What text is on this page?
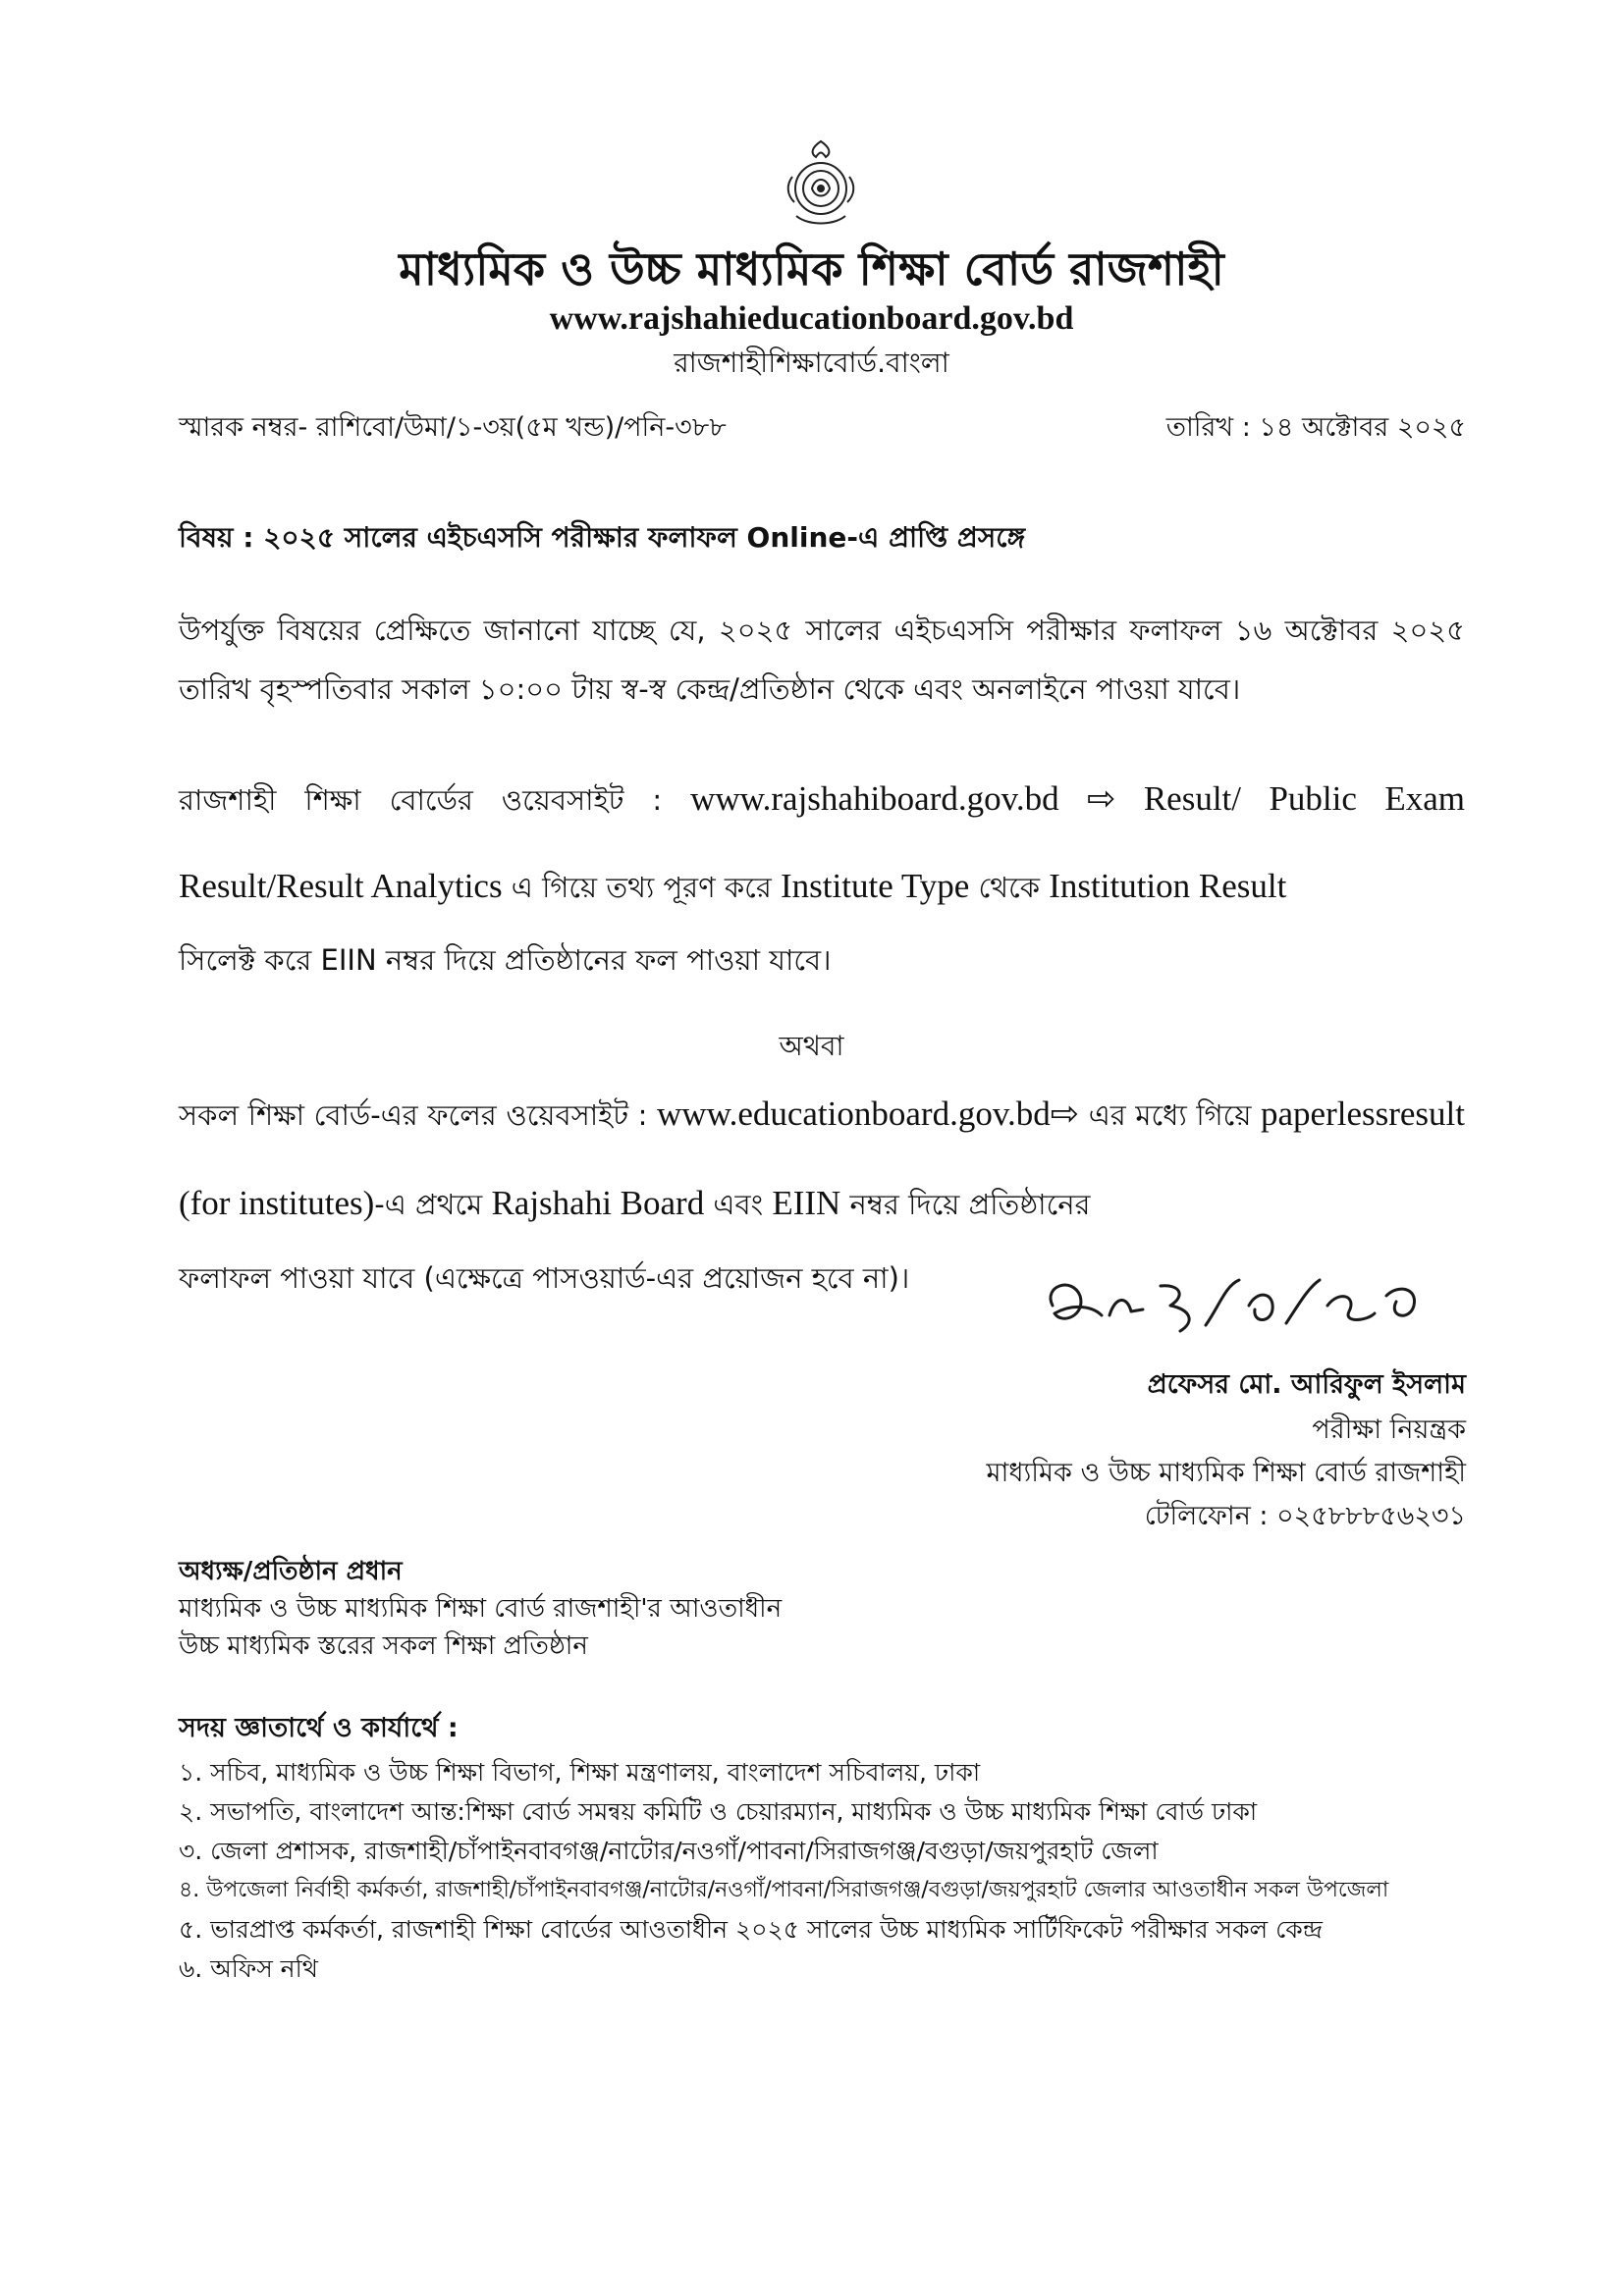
মাধ্যমিক ও উচ্চ মাধ্যমিক শিক্ষা বোর্ড রাজশাহী
www.rajshahieducationboard.gov.bd
রাজশাহীশিক্ষাবোর্ড.বাংলা
স্মারক নম্বর- রাশিবো/উমা/১-৩য়(৫ম খন্ড)/পনি-৩৮৮	তারিখ : ১৪ অক্টোবর ২০২৫
বিষয় : ২০২৫ সালের এইচএসসি পরীক্ষার ফলাফল Online-এ প্রাপ্তি প্রসঙ্গে
উপর্যুক্ত বিষয়ের প্রেক্ষিতে জানানো যাচ্ছে যে, ২০২৫ সালের এইচএসসি পরীক্ষার ফলাফল ১৬ অক্টোবর ২০২৫ তারিখ বৃহস্পতিবার সকাল ১০:০০ টায় স্ব-স্ব কেন্দ্র/প্রতিষ্ঠান থেকে এবং অনলাইনে পাওয়া যাবে।
রাজশাহী শিক্ষা বোর্ডের ওয়েবসাইট : www.rajshahiboard.gov.bd ⇨ Result/ Public Exam Result/Result Analytics এ গিয়ে তথ্য পূরণ করে Institute Type থেকে Institution Result
সিলেক্ট করে EIIN নম্বর দিয়ে প্রতিষ্ঠানের ফল পাওয়া যাবে।
অথবা
সকল শিক্ষা বোর্ড-এর ফলের ওয়েবসাইট : www.educationboard.gov.bd⇨ এর মধ্যে গিয়ে paperlessresult (for institutes)-এ প্রথমে Rajshahi Board এবং EIIN নম্বর দিয়ে প্রতিষ্ঠানের
ফলাফল পাওয়া যাবে (এক্ষেত্রে পাসওয়ার্ড-এর প্রয়োজন হবে না)।
প্রফেসর মো. আরিফুল ইসলাম
পরীক্ষা নিয়ন্ত্রক
মাধ্যমিক ও উচ্চ মাধ্যমিক শিক্ষা বোর্ড রাজশাহী
টেলিফোন : ০২৫৮৮৮৫৬২৩১
অধ্যক্ষ/প্রতিষ্ঠান প্রধান
মাধ্যমিক ও উচ্চ মাধ্যমিক শিক্ষা বোর্ড রাজশাহী'র আওতাধীন
উচ্চ মাধ্যমিক স্তরের সকল শিক্ষা প্রতিষ্ঠান
সদয় জ্ঞাতার্থে ও কার্যার্থে :
১. সচিব, মাধ্যমিক ও উচ্চ শিক্ষা বিভাগ, শিক্ষা মন্ত্রণালয়, বাংলাদেশ সচিবালয়, ঢাকা
২. সভাপতি, বাংলাদেশ আন্ত:শিক্ষা বোর্ড সমন্বয় কমিটি ও চেয়ারম্যান, মাধ্যমিক ও উচ্চ মাধ্যমিক শিক্ষা বোর্ড ঢাকা
৩. জেলা প্রশাসক, রাজশাহী/চাঁপাইনবাবগঞ্জ/নাটোর/নওগাঁ/পাবনা/সিরাজগঞ্জ/বগুড়া/জয়পুরহাট জেলা
৪. উপজেলা নির্বাহী কর্মকর্তা, রাজশাহী/চাঁপাইনবাবগঞ্জ/নাটোর/নওগাঁ/পাবনা/সিরাজগঞ্জ/বগুড়া/জয়পুরহাট জেলার আওতাধীন সকল উপজেলা
৫. ভারপ্রাপ্ত কর্মকর্তা, রাজশাহী শিক্ষা বোর্ডের আওতাধীন ২০২৫ সালের উচ্চ মাধ্যমিক সার্টিফিকেট পরীক্ষার সকল কেন্দ্র
৬. অফিস নথি
